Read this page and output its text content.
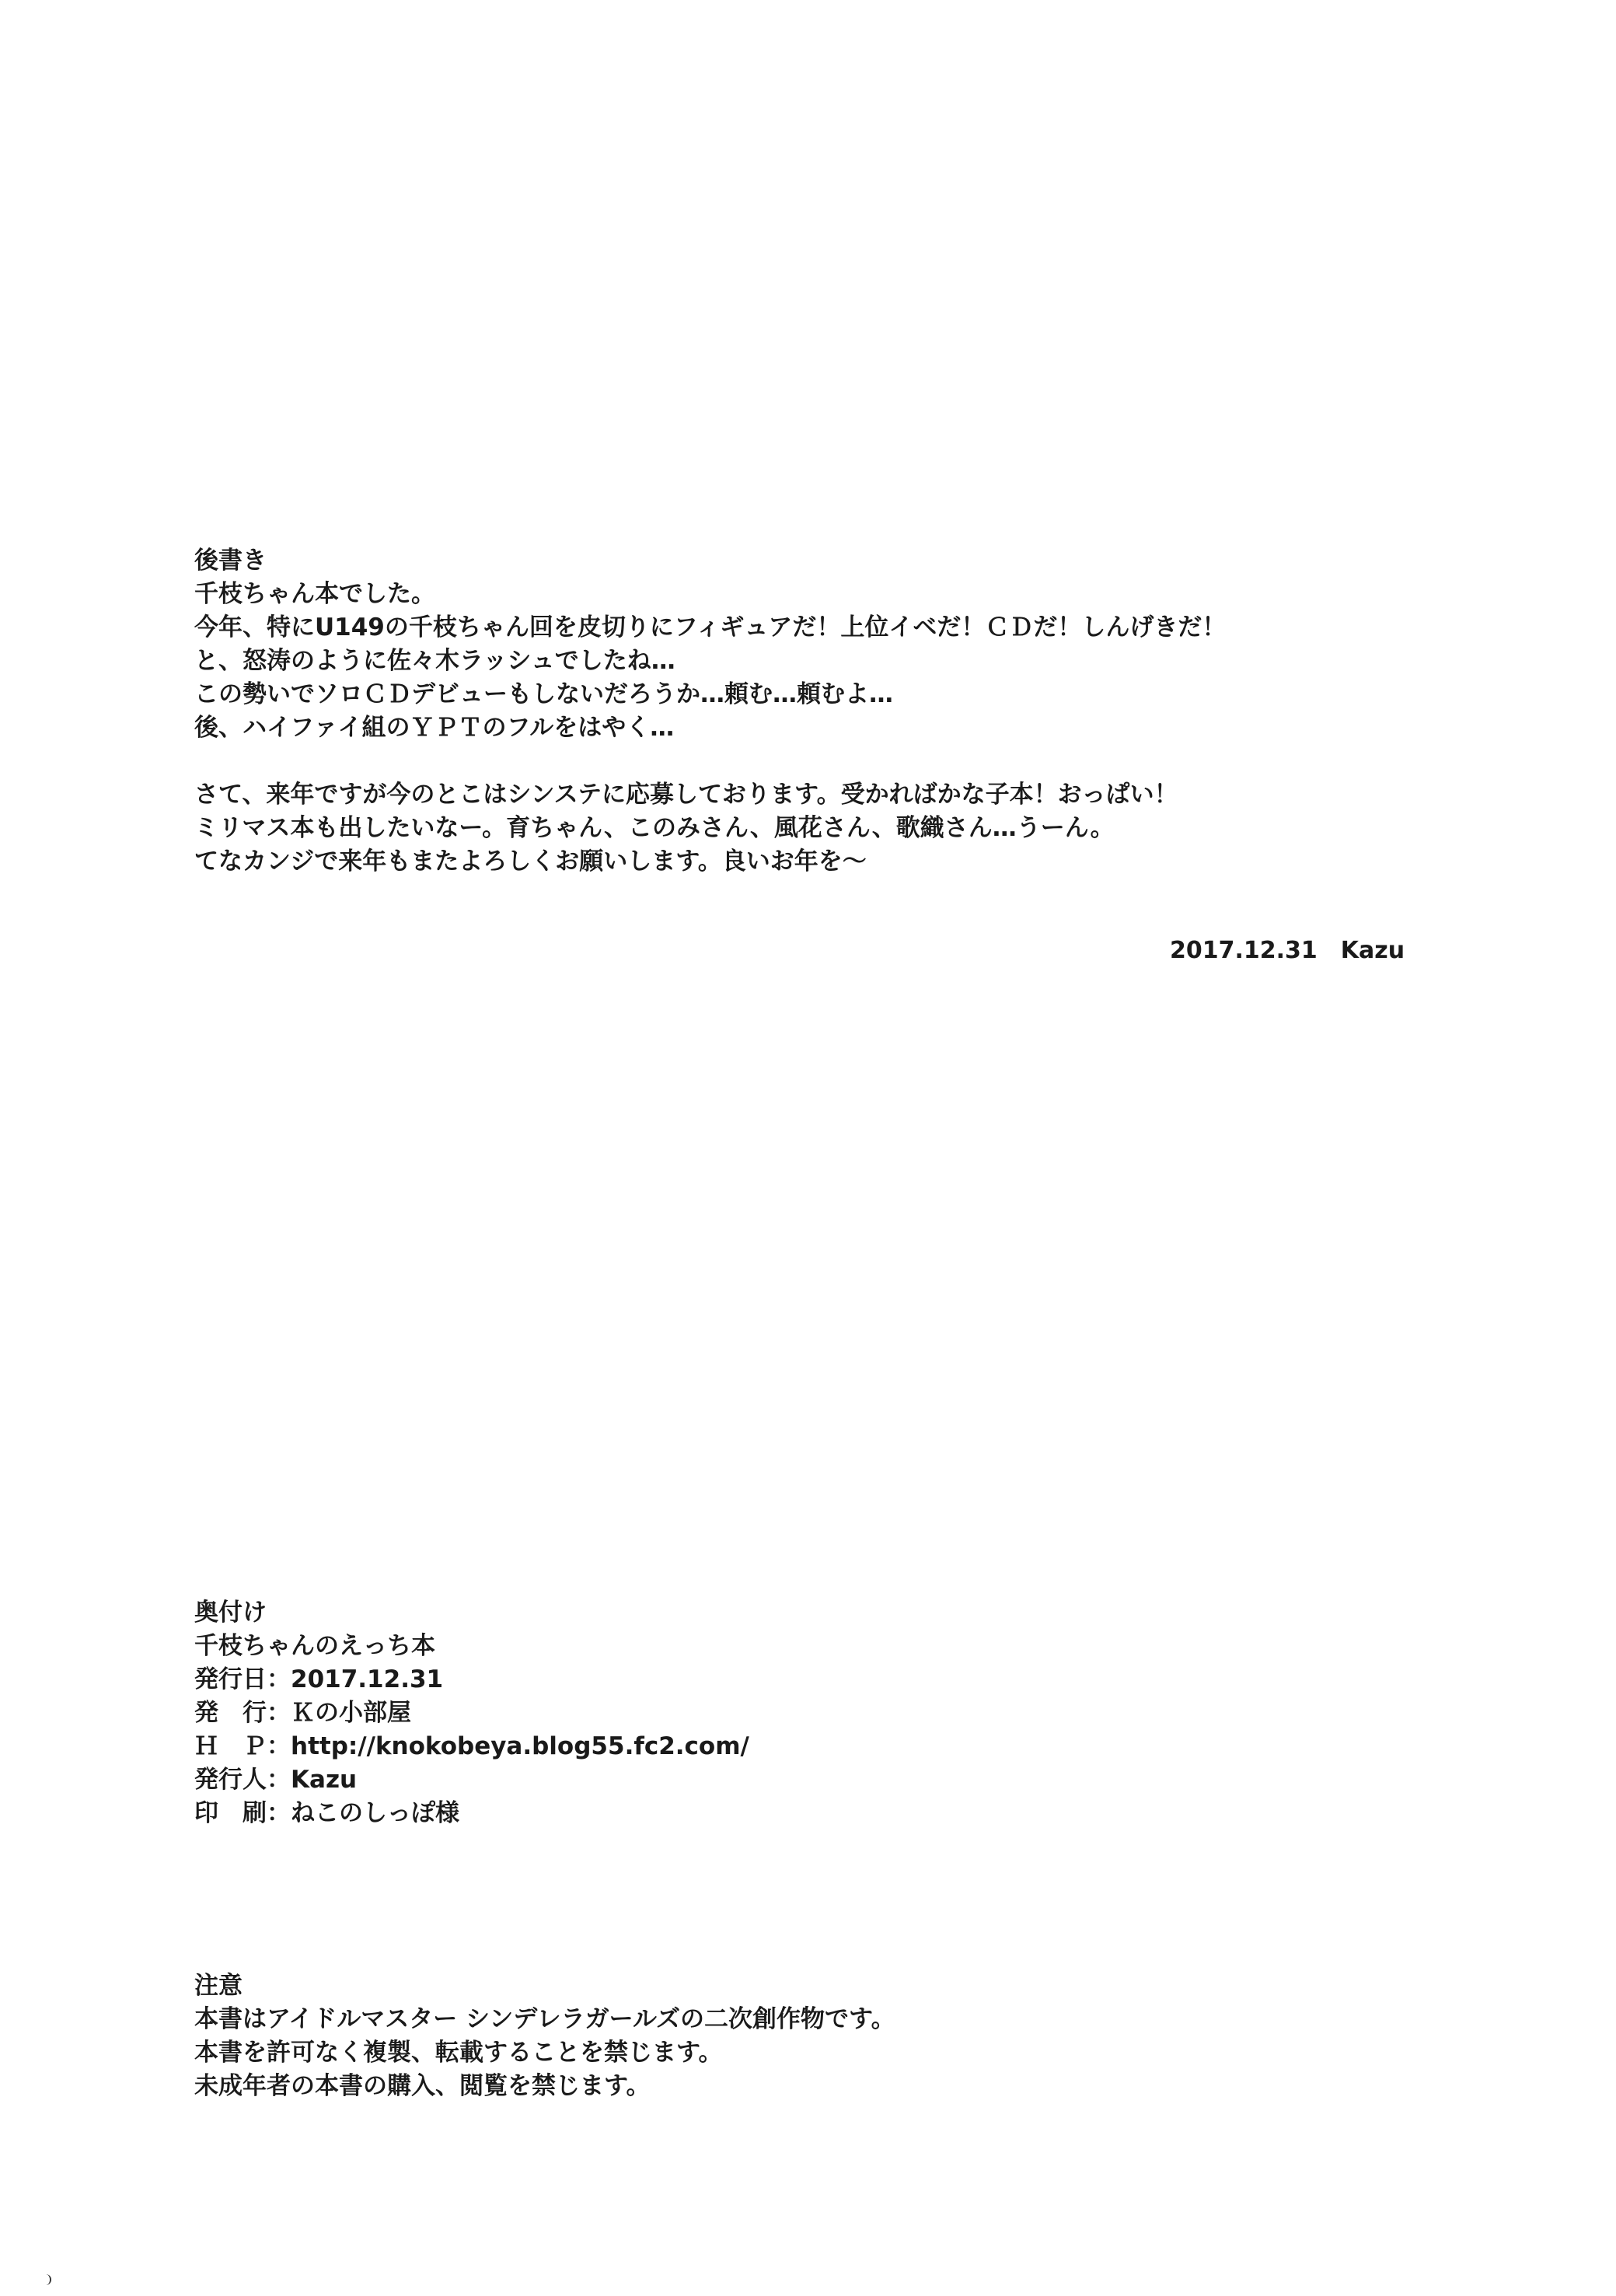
後書き
千枝ちゃん本でした。
今年、特にU149の千枝ちゃん回を皮切りにフィギュアだ！上位イベだ！ＣＤだ！しんげきだ！
と、怒涛のように佐々木ラッシュでしたね…
この勢いでソロＣＤデビューもしないだろうか…頼む…頼むよ…
後、ハイファイ組のＹＰＴのフルをはやく…
さて、来年ですが今のとこはシンステに応募しております。受かればかな子本！おっぱい！
ミリマス本も出したいなー。育ちゃん、このみさん、風花さん、歌織さん…うーん。
てなカンジで来年もまたよろしくお願いします。良いお年を～
2017.12.31　Kazu
奥付け
千枝ちゃんのえっち本
発行日：2017.12.31
発　行：Ｋの小部屋
Ｈ　Ｐ：http://knokobeya.blog55.fc2.com/
発行人：Kazu
印　刷：ねこのしっぽ様
注意
本書はアイドルマスター シンデレラガールズの二次創作物です。
本書を許可なく複製、転載することを禁じます。
未成年者の本書の購入、閲覧を禁じます。
